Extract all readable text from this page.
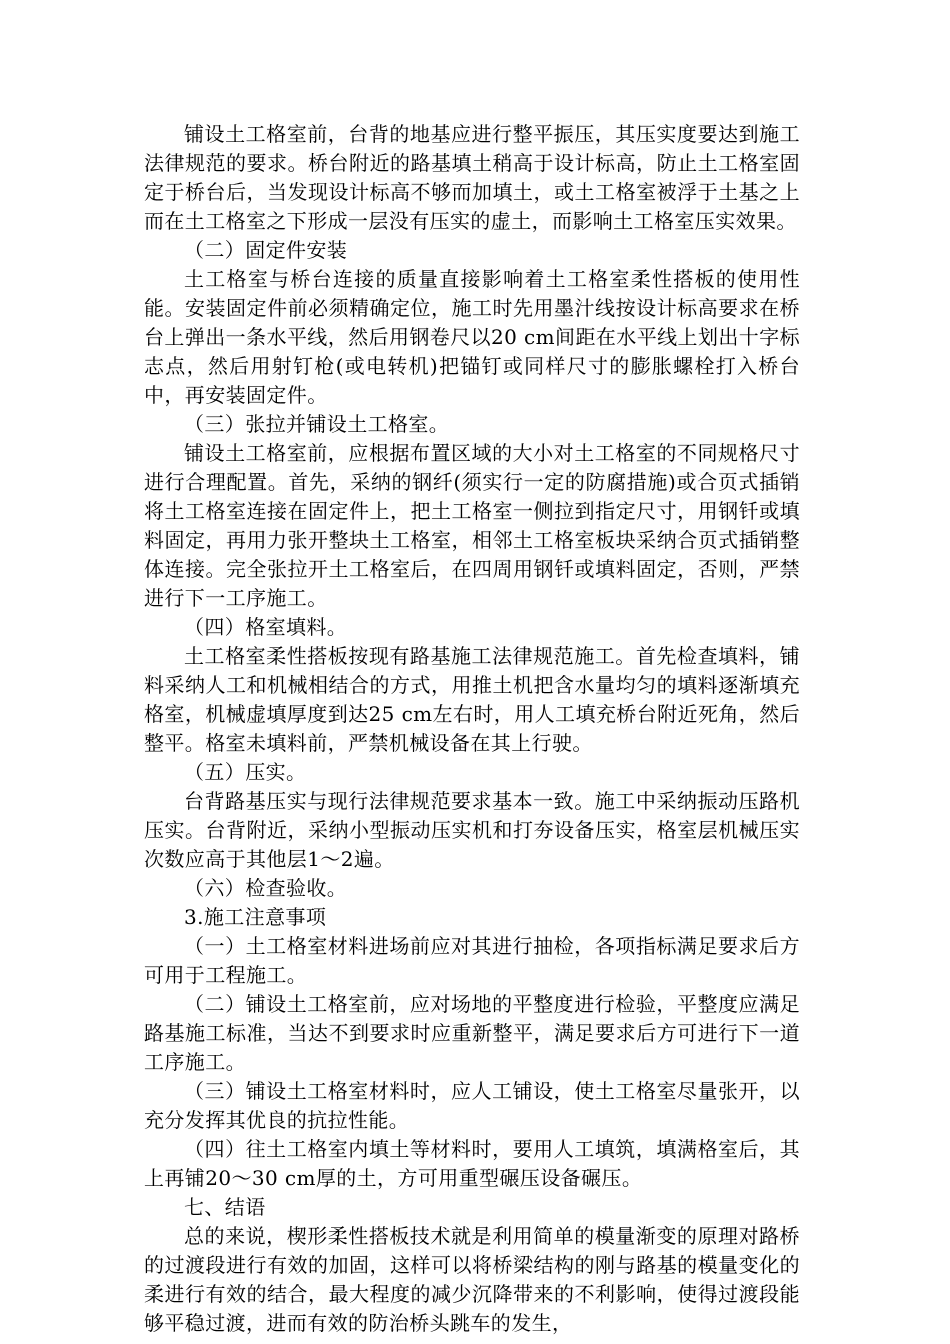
铺设土工格室前，台背的地基应进行整平振压，其压实度要达到施工法律规范的要求。桥台附近的路基填土稍高于设计标高，防止土工格室固定于桥台后，当发现设计标高不够而加填土，或土工格室被浮于土基之上而在土工格室之下形成一层没有压实的虚土，而影响土工格室压实效果。

（二）固定件安装

土工格室与桥台连接的质量直接影响着土工格室柔性搭板的使用性能。安装固定件前必须精确定位，施工时先用墨汁线按设计标高要求在桥台上弹出一条水平线，然后用钢卷尺以20 cm间距在水平线上划出十字标志点，然后用射钉枪(或电转机)把锚钉或同样尺寸的膨胀螺栓打入桥台中，再安装固定件。

（三）张拉并铺设土工格室。

铺设土工格室前，应根据布置区域的大小对土工格室的不同规格尺寸进行合理配置。首先，采纳的钢纤(须实行一定的防腐措施)或合页式插销将土工格室连接在固定件上，把土工格室一侧拉到指定尺寸，用钢钎或填料固定，再用力张开整块土工格室，相邻土工格室板块采纳合页式插销整体连接。完全张拉开土工格室后，在四周用钢钎或填料固定，否则，严禁进行下一工序施工。

（四）格室填料。

土工格室柔性搭板按现有路基施工法律规范施工。首先检查填料，铺料采纳人工和机械相结合的方式，用推土机把含水量均匀的填料逐渐填充格室，机械虚填厚度到达25 cm左右时，用人工填充桥台附近死角，然后整平。格室未填料前，严禁机械设备在其上行驶。

（五）压实。

台背路基压实与现行法律规范要求基本一致。施工中采纳振动压路机压实。台背附近，采纳小型振动压实机和打夯设备压实，格室层机械压实次数应高于其他层1～2遍。

（六）检查验收。

3.施工注意事项

（一）土工格室材料进场前应对其进行抽检，各项指标满足要求后方可用于工程施工。

（二）铺设土工格室前，应对场地的平整度进行检验，平整度应满足路基施工标准，当达不到要求时应重新整平，满足要求后方可进行下一道工序施工。

（三）铺设土工格室材料时，应人工铺设，使土工格室尽量张开，以充分发挥其优良的抗拉性能。

（四）往土工格室内填土等材料时，要用人工填筑，填满格室后，其上再铺20～30 cm厚的土，方可用重型碾压设备碾压。

七、结语

总的来说，楔形柔性搭板技术就是利用简单的模量渐变的原理对路桥的过渡段进行有效的加固，这样可以将桥梁结构的刚与路基的模量变化的柔进行有效的结合，最大程度的减少沉降带来的不利影响，使得过渡段能够平稳过渡，进而有效的防治桥头跳车的发生，
